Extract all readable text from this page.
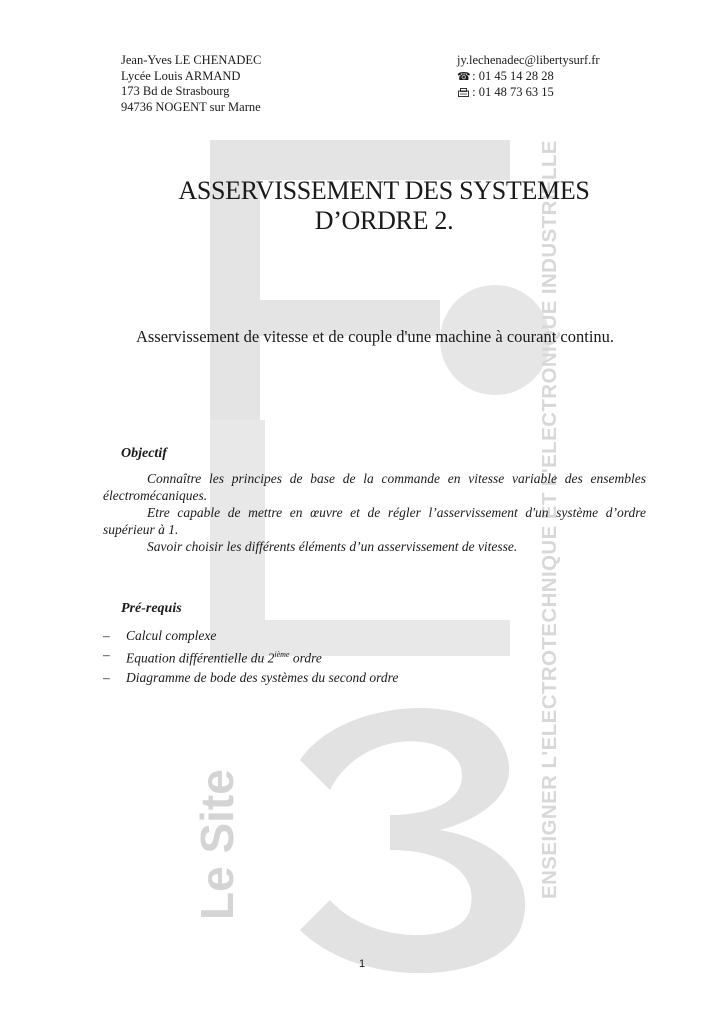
Le Site	ENSEIGNER L'ELECTROTECHNIQUE ET L'ELECTRONIQUE INDUSTRIELLE
Jean-Yves LE CHENADEC
Lycée Louis ARMAND
173 Bd de Strasbourg
94736 NOGENT sur Marne
jy.lechenadec@libertysurf.fr
☎ : 01 45 14 28 28
: 01 48 73 63 15
ASSERVISSEMENT DES SYSTEMES
D’ORDRE 2.
Asservissement de vitesse et de couple d'une machine à courant continu.
Objectif

Connaître les principes de base de la commande en vitesse variable des ensembles électromécaniques.

Etre capable de mettre en œuvre et de régler l’asservissement d'un système d’ordre supérieur à 1.

Savoir choisir les différents éléments d’un asservissement de vitesse.

Pré-requis
– Calcul complexe
– Equation différentielle du 2ième ordre
– Diagramme de bode des systèmes du second ordre
1
